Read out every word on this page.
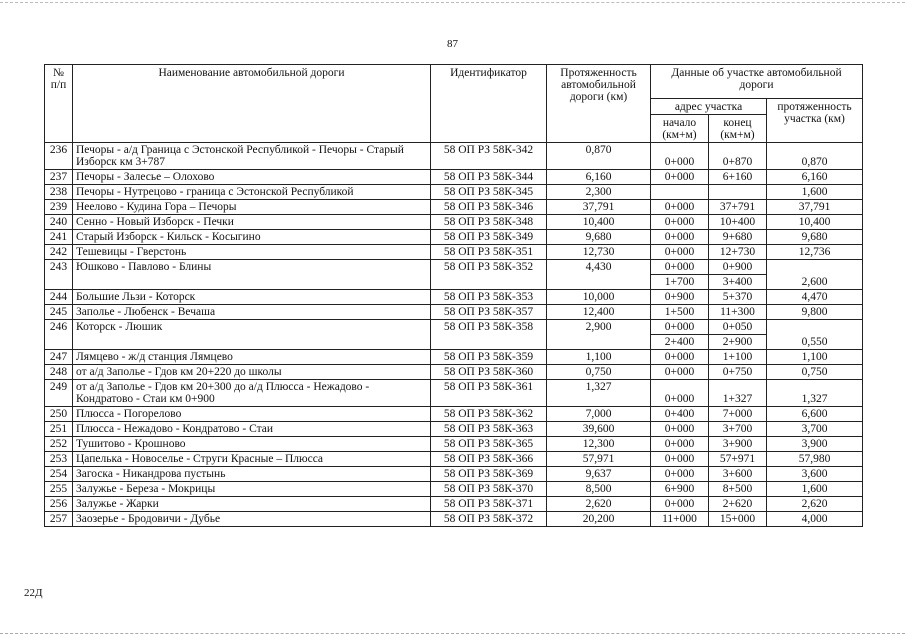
87
№ п/п	Наименование автомобильной дороги	Идентификатор	Протяженность автомобильной дороги (км)	Данные об участке автомобильной дороги		
				адрес участка		протяженность участка (км)
				начало (км+м)	конец (км+м)	
236	Печоры - а/д Граница с Эстонской Республикой - Печоры - Старый Изборск км 3+787	58 ОП РЗ 58К-342	0,870	0+000	0+870	0,870
237	Печоры - Залесье – Олохово	58 ОП РЗ 58К-344	6,160	0+000	6+160	6,160
238	Печоры - Нутрецово - граница с Эстонской Республикой	58 ОП РЗ 58К-345	2,300			1,600
239	Неелово - Кудина Гора – Печоры	58 ОП РЗ 58К-346	37,791	0+000	37+791	37,791
240	Сенно - Новый Изборск - Печки	58 ОП РЗ 58К-348	10,400	0+000	10+400	10,400
241	Старый Изборск - Кильск - Косыгино	58 ОП РЗ 58К-349	9,680	0+000	9+680	9,680
242	Тешевицы - Гверстонь	58 ОП РЗ 58К-351	12,730	0+000	12+730	12,736
243	Юшково - Павлово - Блины	58 ОП РЗ 58К-352	4,430	0+000	0+900	2,600
				1+700	3+400	
244	Большие Льзи - Которск	58 ОП РЗ 58К-353	10,000	0+900	5+370	4,470
245	Заполье - Любенск - Вечаша	58 ОП РЗ 58К-357	12,400	1+500	11+300	9,800
246	Которск - Люшик	58 ОП РЗ 58К-358	2,900	0+000	0+050	0,550
				2+400	2+900	
247	Лямцево - ж/д станция Лямцево	58 ОП РЗ 58К-359	1,100	0+000	1+100	1,100
248	от а/д Заполье - Гдов км 20+220 до школы	58 ОП РЗ 58К-360	0,750	0+000	0+750	0,750
249	от а/д Заполье - Гдов км 20+300 до а/д Плюсса - Нежадово - Кондратово - Стаи км 0+900	58 ОП РЗ 58К-361	1,327	0+000	1+327	1,327
250	Плюсса - Погорелово	58 ОП РЗ 58К-362	7,000	0+400	7+000	6,600
251	Плюсса - Нежадово - Кондратово - Стаи	58 ОП РЗ 58К-363	39,600	0+000	3+700	3,700
252	Тушитово - Крошново	58 ОП РЗ 58К-365	12,300	0+000	3+900	3,900
253	Цапелька - Новоселье - Струги Красные – Плюсса	58 ОП РЗ 58К-366	57,971	0+000	57+971	57,980
254	Загоска - Никандрова пустынь	58 ОП РЗ 58К-369	9,637	0+000	3+600	3,600
255	Залужье - Береза - Мокрицы	58 ОП РЗ 58К-370	8,500	6+900	8+500	1,600
256	Залужье - Жарки	58 ОП РЗ 58К-371	2,620	0+000	2+620	2,620
257	Заозерье - Бродовичи - Дубье	58 ОП РЗ 58К-372	20,200	11+000	15+000	4,000
22Д
